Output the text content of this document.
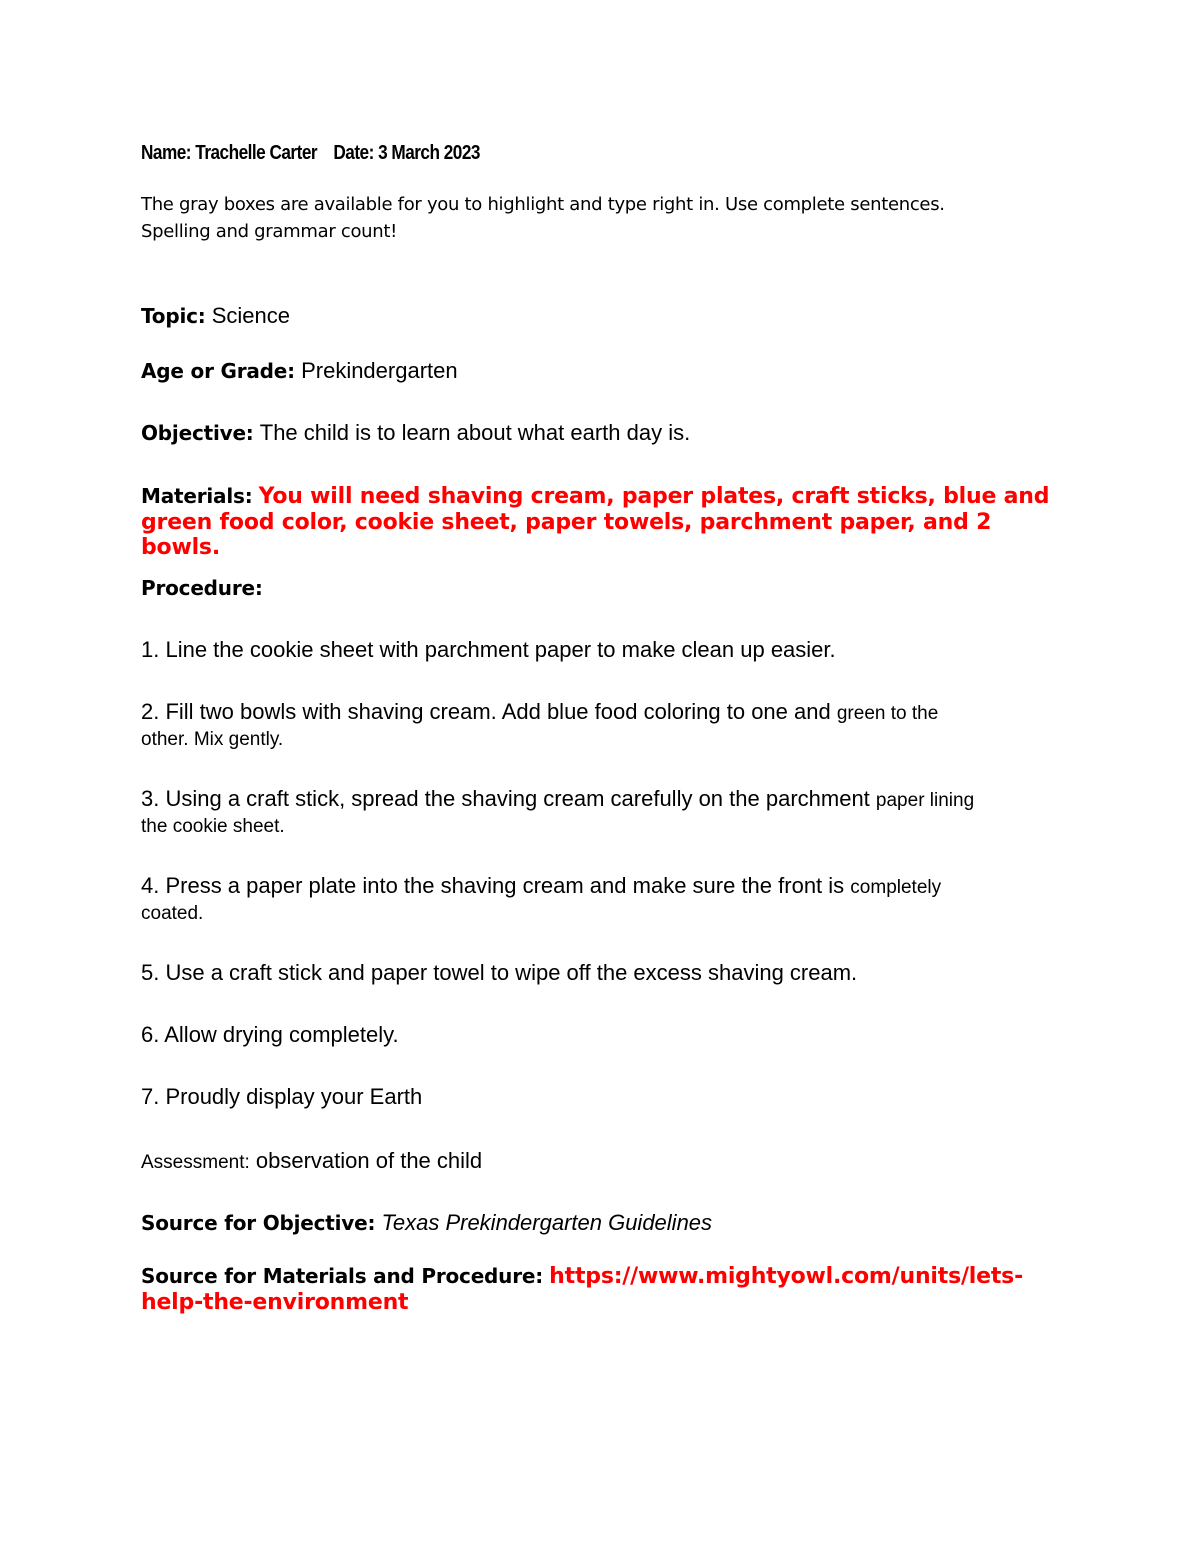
Name: Trachelle Carter Date: 3 March 2023
The gray boxes are available for you to highlight and type right in. Use complete sentences.
Spelling and grammar count!
Topic: Science
Age or Grade: Prekindergarten
Objective: The child is to learn about what earth day is.
Materials: You will need shaving cream, paper plates, craft sticks, blue and
green food color, cookie sheet, paper towels, parchment paper, and 2 bowls.
Procedure:
1. Line the cookie sheet with parchment paper to make clean up easier.
2. Fill two bowls with shaving cream. Add blue food coloring to one and green to the
other. Mix gently.
3. Using a craft stick, spread the shaving cream carefully on the parchment paper lining
the cookie sheet.
4. Press a paper plate into the shaving cream and make sure the front is completely
coated.
5. Use a craft stick and paper towel to wipe off the excess shaving cream.
6. Allow drying completely.
7. Proudly display your Earth
Assessment: observation of the child
Source for Objective: Texas Prekindergarten Guidelines
Source for Materials and Procedure: https://www.mightyowl.com/units/lets-
help-the-environment
